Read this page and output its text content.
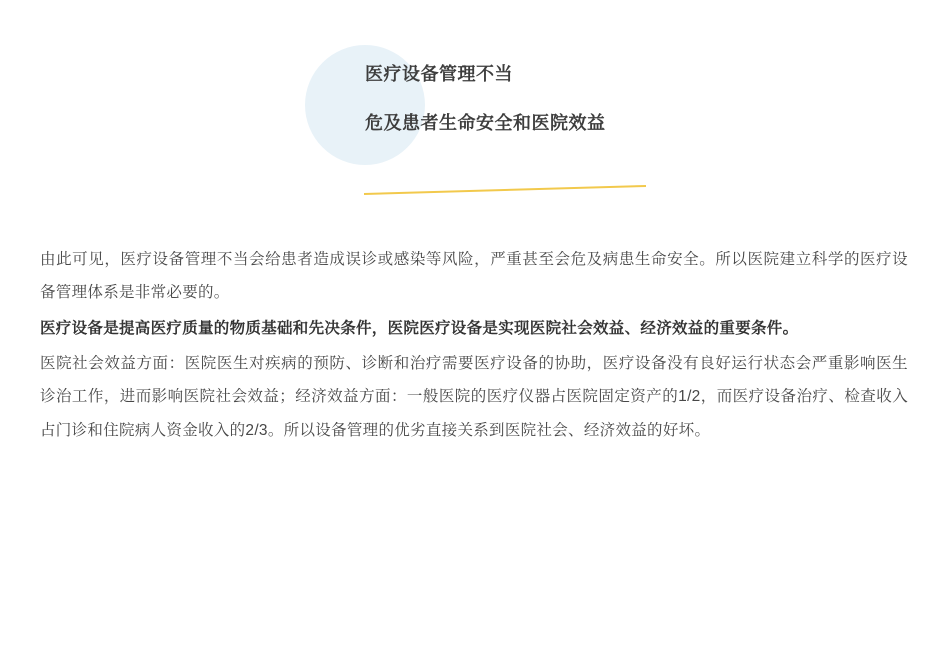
医疗设备管理不当
危及患者生命安全和医院效益

由此可见，医疗设备管理不当会给患者造成误诊或感染等风险，严重甚至会危及病患生命安全。所以医院建立科学的医疗设备管理体系是非常必要的。

医疗设备是提高医疗质量的物质基础和先决条件，医院医疗设备是实现医院社会效益、经济效益的重要条件。

医院社会效益方面：医院医生对疾病的预防、诊断和治疗需要医疗设备的协助，医疗设备没有良好运行状态会严重影响医生诊治工作，进而影响医院社会效益；经济效益方面：一般医院的医疗仪器占医院固定资产的1/2，而医疗设备治疗、检查收入占门诊和住院病人资金收入的2/3。所以设备管理的优劣直接关系到医院社会、经济效益的好坏。
